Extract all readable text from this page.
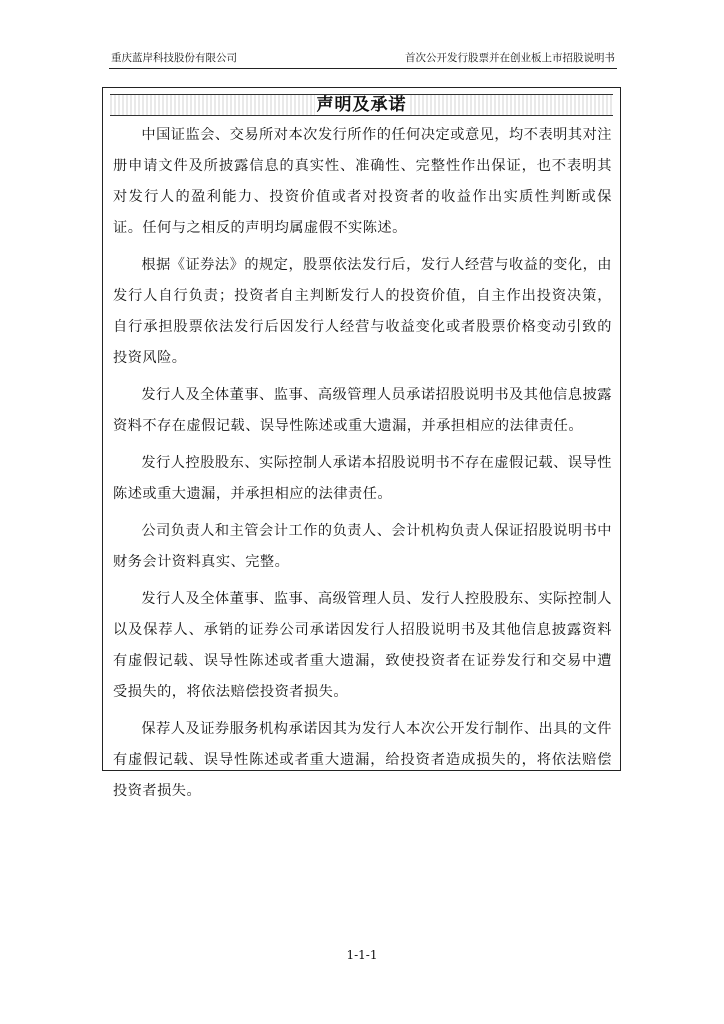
重庆蓝岸科技股份有限公司	首次公开发行股票并在创业板上市招股说明书
声明及承诺

中国证监会、交易所对本次发行所作的任何决定或意见，均不表明其对注册申请文件及所披露信息的真实性、准确性、完整性作出保证，也不表明其对发行人的盈利能力、投资价值或者对投资者的收益作出实质性判断或保证。任何与之相反的声明均属虚假不实陈述。

根据《证券法》的规定，股票依法发行后，发行人经营与收益的变化，由发行人自行负责；投资者自主判断发行人的投资价值，自主作出投资决策，自行承担股票依法发行后因发行人经营与收益变化或者股票价格变动引致的投资风险。

发行人及全体董事、监事、高级管理人员承诺招股说明书及其他信息披露资料不存在虚假记载、误导性陈述或重大遗漏，并承担相应的法律责任。

发行人控股股东、实际控制人承诺本招股说明书不存在虚假记载、误导性陈述或重大遗漏，并承担相应的法律责任。

公司负责人和主管会计工作的负责人、会计机构负责人保证招股说明书中财务会计资料真实、完整。

发行人及全体董事、监事、高级管理人员、发行人控股股东、实际控制人以及保荐人、承销的证券公司承诺因发行人招股说明书及其他信息披露资料有虚假记载、误导性陈述或者重大遗漏，致使投资者在证券发行和交易中遭受损失的，将依法赔偿投资者损失。

保荐人及证券服务机构承诺因其为发行人本次公开发行制作、出具的文件有虚假记载、误导性陈述或者重大遗漏，给投资者造成损失的，将依法赔偿投资者损失。

1-1-1
